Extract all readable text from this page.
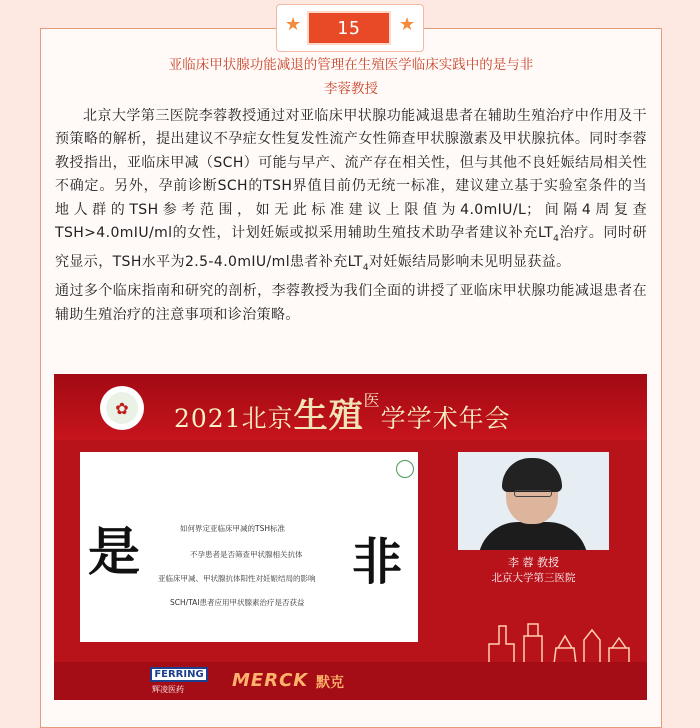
★ 15 ★
亚临床甲状腺功能减退的管理在生殖医学临床实践中的是与非
李蓉教授

北京大学第三医院李蓉教授通过对亚临床甲状腺功能减退患者在辅助生殖治疗中作用及干预策略的解析，提出建议不孕症女性复发性流产女性筛查甲状腺激素及甲状腺抗体。同时李蓉教授指出，亚临床甲减（SCH）可能与早产、流产存在相关性，但与其他不良妊娠结局相关性不确定。另外，孕前诊断SCH的TSH界值目前仍无统一标准，建议建立基于实验室条件的当地人群的TSH参考范围，如无此标准建议上限值为4.0mIU/L；间隔4周复查TSH>4.0mIU/ml的女性，计划妊娠或拟采用辅助生殖技术助孕者建议补充$LT_4$治疗。同时研究显示，TSH水平为2.5-4.0mIU/ml患者补充$LT_4$对妊娠结局影响未见明显获益。

通过多个临床指南和研究的剖析，李蓉教授为我们全面的讲授了亚临床甲状腺功能减退患者在辅助生殖治疗的注意事项和诊治策略。

✿	2021北京生殖$^医$学学术年会
是	非
如何界定亚临床甲减的TSH标准
不孕患者是否筛查甲状腺相关抗体
亚临床甲减、甲状腺抗体阳性对妊娠结局的影响
SCH/TAI患者应用甲状腺素治疗是否获益
李 蓉 教授
北京大学第三医院
FERRING
辉凌医药	MERCK 默克
